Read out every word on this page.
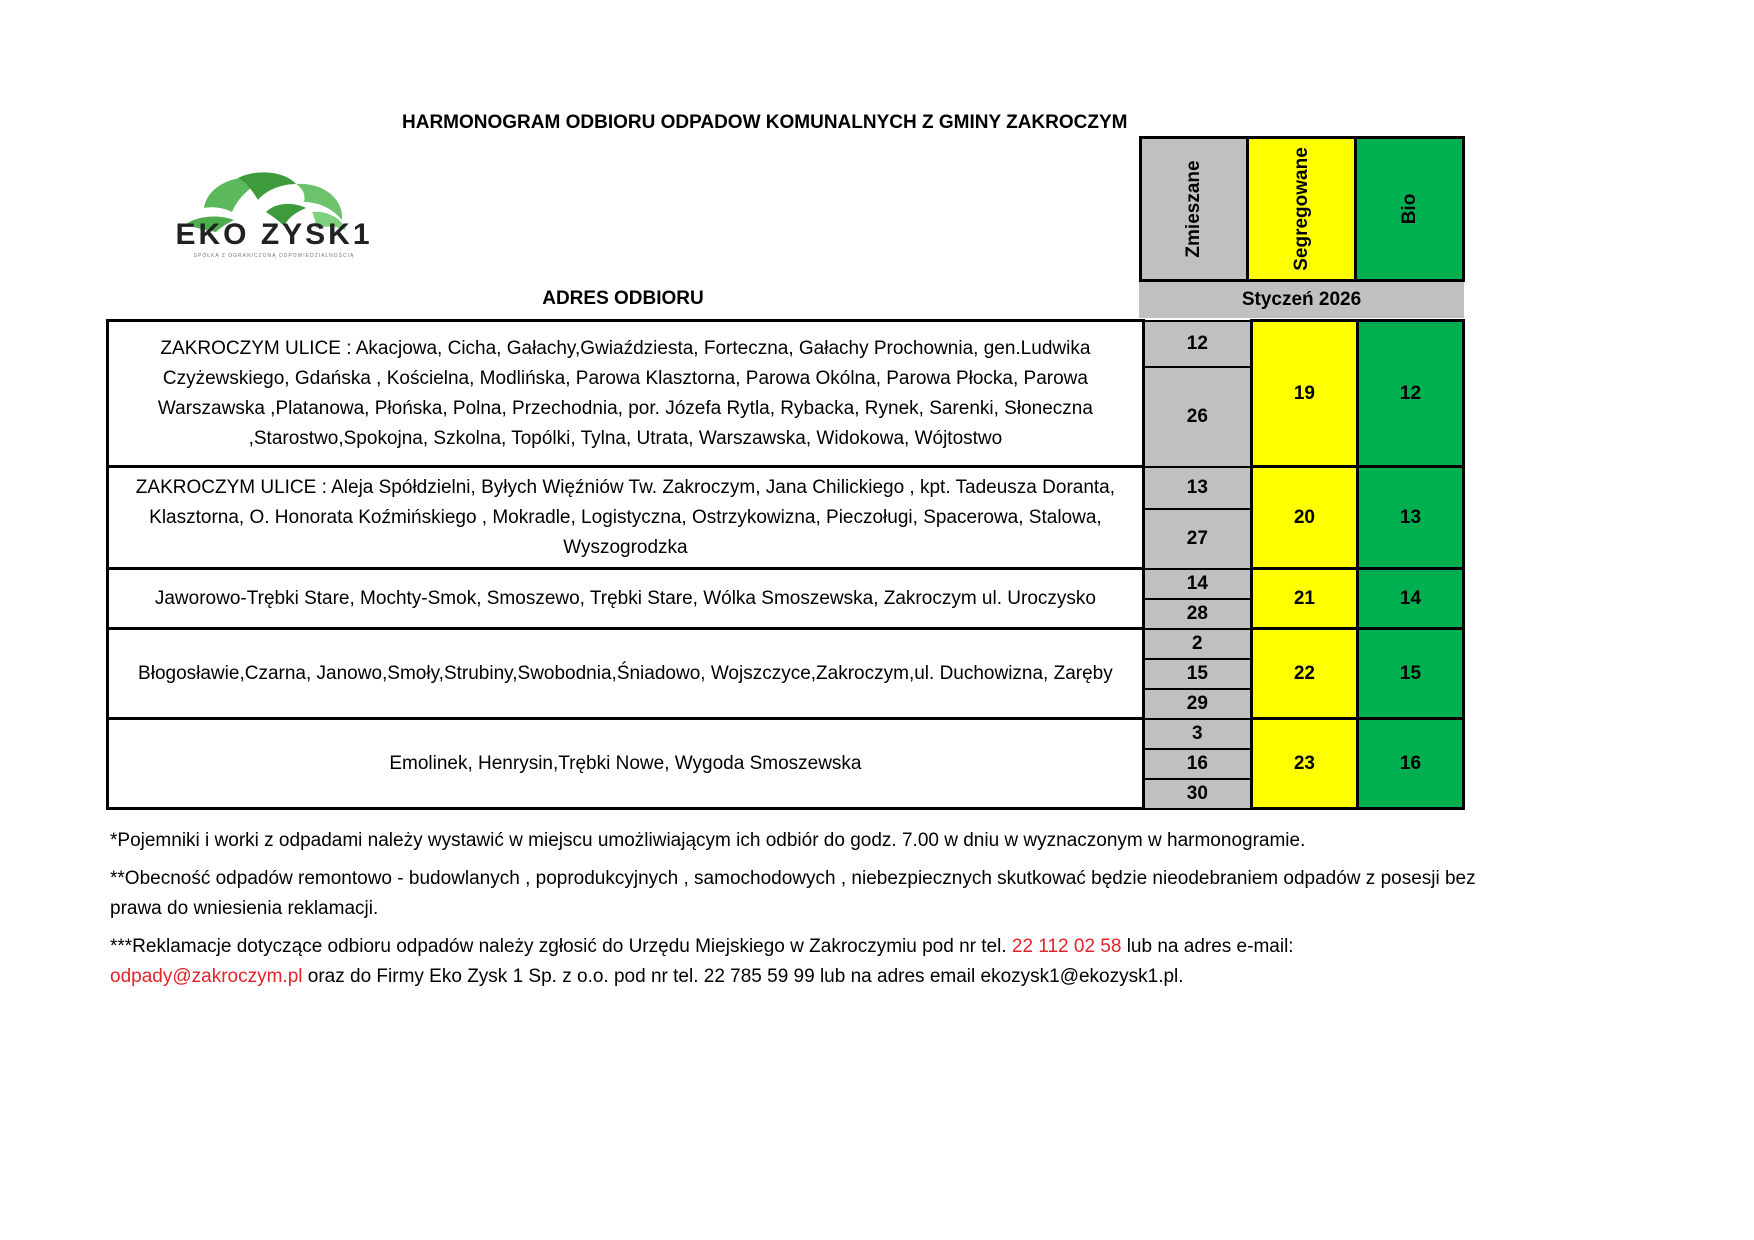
HARMONOGRAM ODBIORU ODPADOW KOMUNALNYCH Z GMINY ZAKROCZYM
EKO ZYSK1
SPÓŁKA Z OGRANICZONĄ ODPOWIEDZIALNOŚCIĄ	Zmieszane	Segregowane	Bio
ADRES ODBIORU	Styczeń 2026
ZAKROCZYM ULICE : Akacjowa, Cicha, Gałachy,Gwiaździesta, Forteczna, Gałachy Prochownia, gen.Ludwika Czyżewskiego, Gdańska , Kościelna, Modlińska, Parowa Klasztorna, Parowa Okólna, Parowa Płocka, Parowa Warszawska ,Platanowa, Płońska, Polna, Przechodnia, por. Józefa Rytla, Rybacka, Rynek, Sarenki, Słoneczna ,Starostwo,Spokojna, Szkolna, Topólki, Tylna, Utrata, Warszawska, Widokowa, Wójtostwo	12	19	12
	26		
ZAKROCZYM ULICE : Aleja Spółdzielni, Byłych Więźniów Tw. Zakroczym, Jana Chilickiego , kpt. Tadeusza Doranta, Klasztorna, O. Honorata Koźmińskiego , Mokradle, Logistyczna, Ostrzykowizna, Pieczoługi, Spacerowa, Stalowa, Wyszogrodzka	13	20	13
	27		
Jaworowo-Trębki Stare, Mochty-Smok, Smoszewo, Trębki Stare, Wólka Smoszewska, Zakroczym ul. Uroczysko	14	21	14
	28		
Błogosławie,Czarna, Janowo,Smoły,Strubiny,Swobodnia,Śniadowo, Wojszczyce,Zakroczym,ul. Duchowizna, Zaręby	2	22	15
	15		
	29		
Emolinek, Henrysin,Trębki Nowe, Wygoda Smoszewska	3	23	16
	16		
	30		

*Pojemniki i worki z odpadami należy wystawić w miejscu umożliwiającym ich odbiór do godz. 7.00 w dniu w wyznaczonym w harmonogramie.

**Obecność odpadów remontowo - budowlanych , poprodukcyjnych , samochodowych , niebezpiecznych skutkować będzie nieodebraniem odpadów z posesji bez prawa do wniesienia reklamacji.

***Reklamacje dotyczące odbioru odpadów należy zgłosić do Urzędu Miejskiego w Zakroczymiu pod nr tel. 22 112 02 58 lub na adres e-mail:
odpady@zakroczym.pl oraz do Firmy Eko Zysk 1 Sp. z o.o. pod nr tel. 22 785 59 99 lub na adres email ekozysk1@ekozysk1.pl.
